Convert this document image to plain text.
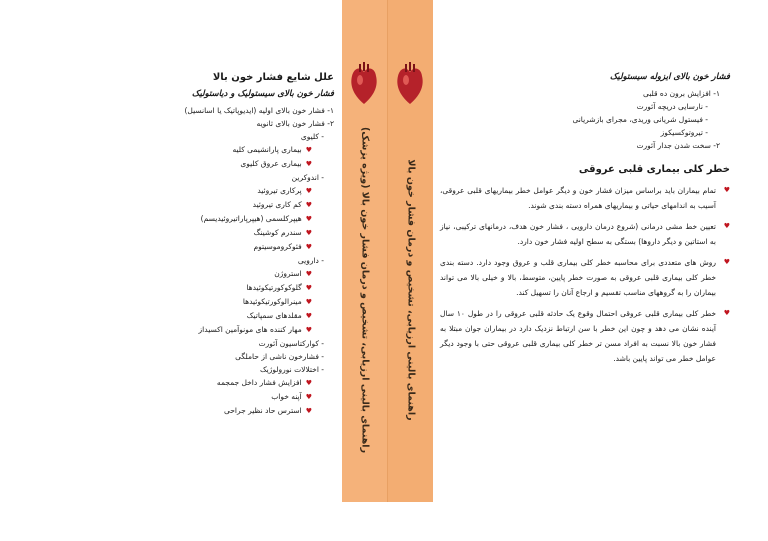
علل شایع فشار خون بالا
فشار خون بالای سیستولیک و دیاستولیک
۱- فشار خون بالای اولیه (ایدیوپاتیک یا اسانسیل)
۲- فشار خون بالای ثانویه
- کلیوی
♥بیماری پارانشیمی کلیه
♥بیماری عروق کلیوی
- اندوکرین
♥پرکاری تیروئید
♥کم کاری تیروئید
♥هیپرکلسمی (هیپرپاراتیروئیدیسم)
♥سندرم کوشینگ
♥فئوکروموسیتوم
- دارویی
♥استروژن
♥گلوکوکورتیکوئیدها
♥مینرالوکورتیکوئیدها
♥مقلدهای سمپاتیک
♥مهار کننده های مونوآمین اکسیداز
- کوارکتاسیون آئورت
- فشارخون ناشی از حاملگی
- اختلالات نورولوژیک
♥افزایش فشار داخل جمجمه
♥آپنه خواب
♥استرس حاد نظیر جراحی	راهنمای بالینی ارزیابی، تشخیص و درمان فشار خون بالا (ویژه پزشک)	راهنمای بالینی ارزیابی، تشخیص و درمان فشار خون بالا
فشار خون بالای ایزوله سیستولیک
۱- افزایش برون ده قلبی
- نارسایی دریچه آئورت
- فیستول شریانی وریدی، مجرای بازشریانی
- تیروتوکسیکوز
۲- سخت شدن جدار آئورت
خطر کلی بیماری قلبی عروقی
♥
تمام بیماران باید براساس میزان فشار خون و دیگر عوامل خطر بیماریهای قلبی عروقی، آسیب به اندامهای حیاتی و بیماریهای همراه دسته بندی شوند.
♥
تعیین خط مشی درمانی (شروع درمان دارویی ، فشار خون هدف، درمانهای ترکیبی، نیاز به استاتین و دیگر داروها) بستگی به سطح اولیه فشار خون دارد.
♥
روش های متعددی برای محاسبه خطر کلی بیماری قلب و عروق وجود دارد. دسته بندی خطر کلی بیماری قلبی عروقی به صورت خطر پایین، متوسط، بالا و خیلی بالا می تواند بیماران را به گروههای مناسب تقسیم و ارجاع آنان را تسهیل کند.
♥
خطر کلی بیماری قلبی عروقی احتمال وقوع یک حادثه قلبی عروقی را در طول ۱۰ سال آینده نشان می دهد و چون این خطر با سن ارتباط نزدیک دارد در بیماران جوان مبتلا به فشار خون بالا نسبت به افراد مسن تر خطر کلی بیماری قلبی عروقی حتی با وجود دیگر عوامل خطر می تواند پایین باشد.
